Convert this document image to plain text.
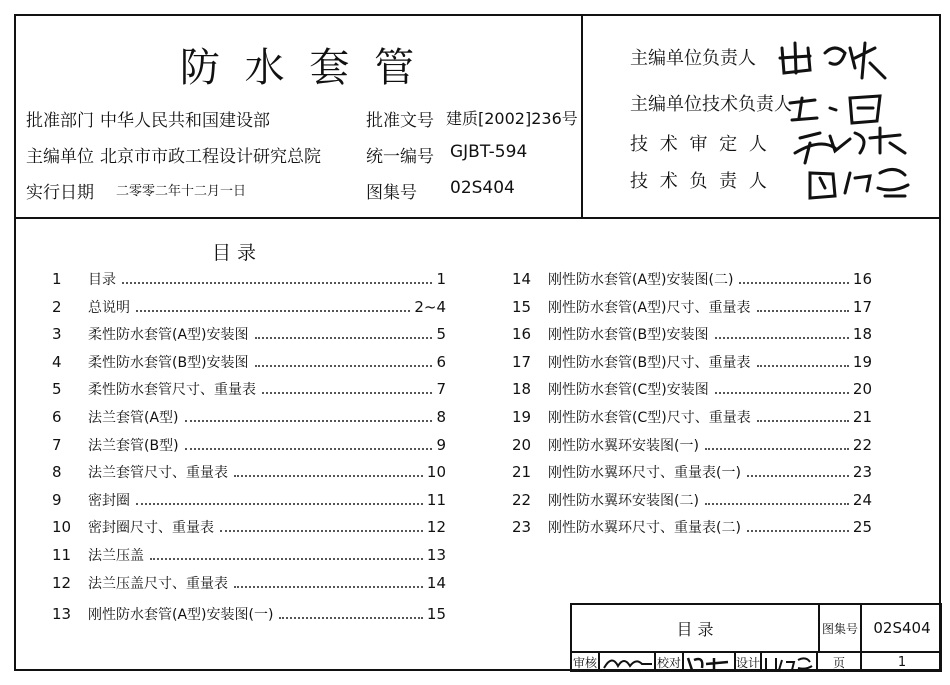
防 水 套 管
批准部门 中华人民共和国建设部
主编单位 北京市市政工程设计研究总院
实行日期 二零零二年十二月一日
批准文号 建质[2002]236号
统一编号 GJBT-594
图集号 02S404
主编单位负责人
主编单位技术负责人
技 术 审 定 人
技 术 负 责 人
目 录
1	目录	1
2	总说明	2~4
3	柔性防水套管(A型)安装图	5
4	柔性防水套管(B型)安装图	6
5	柔性防水套管尺寸、重量表	7
6	法兰套管(A型)	8
7	法兰套管(B型)	9
8	法兰套管尺寸、重量表	10
9	密封圈	11
10	密封圈尺寸、重量表	12
11	法兰压盖	13
12	法兰压盖尺寸、重量表	14
13	刚性防水套管(A型)安装图(一)	15
14	刚性防水套管(A型)安装图(二)	16
15	刚性防水套管(A型)尺寸、重量表	17
16	刚性防水套管(B型)安装图	18
17	刚性防水套管(B型)尺寸、重量表	19
18	刚性防水套管(C型)安装图	20
19	刚性防水套管(C型)尺寸、重量表	21
20	刚性防水翼环安装图(一)	22
21	刚性防水翼环尺寸、重量表(一)	23
22	刚性防水翼环安装图(二)	24
23	刚性防水翼环尺寸、重量表(二)	25
目 录	图集号	02S404
审核	校对	设计	页	1
